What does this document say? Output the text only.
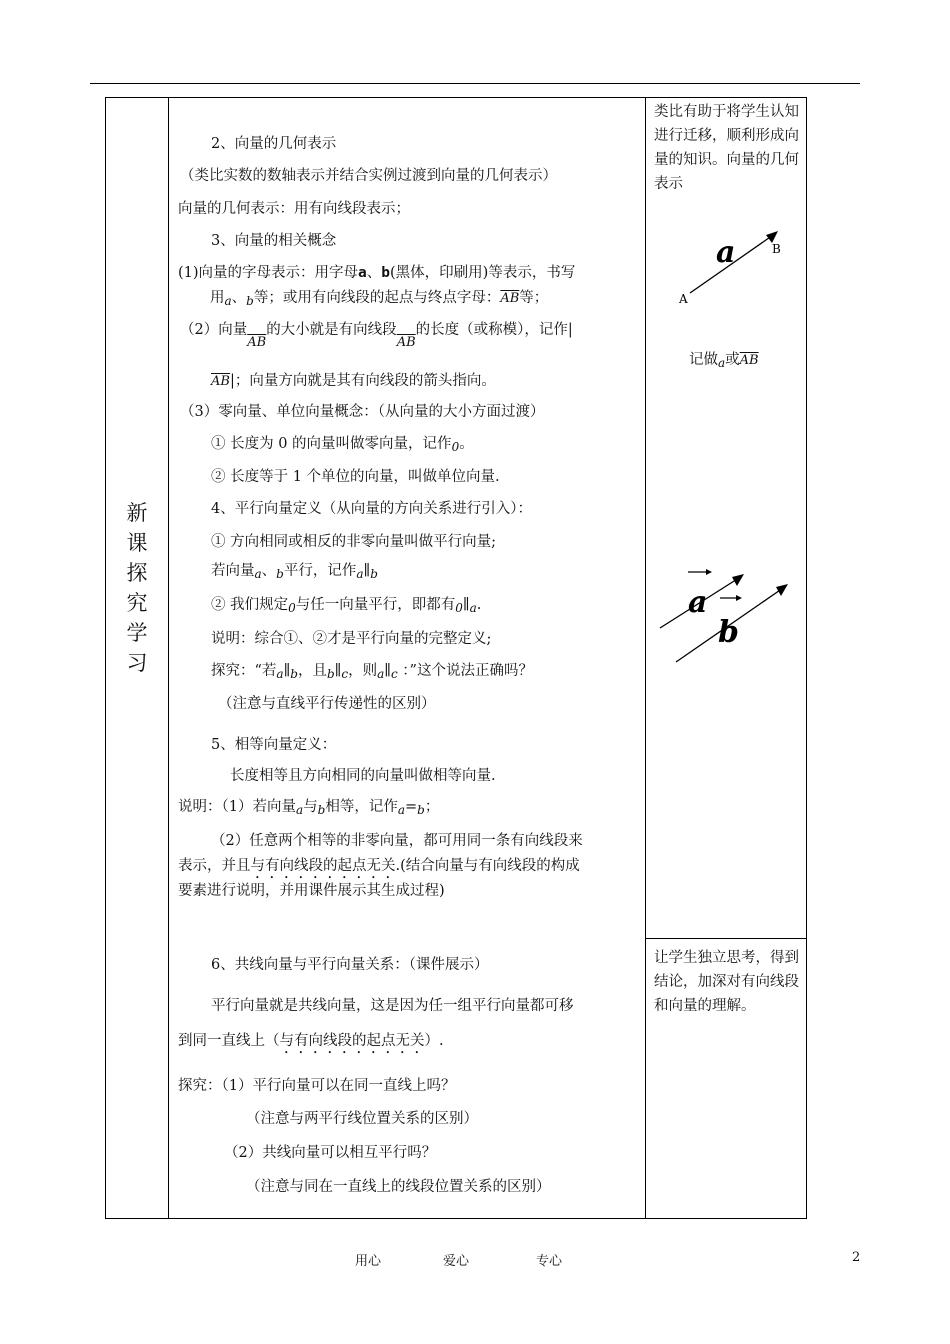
新
课
探
究
学
习
2、向量的几何表示
（类比实数的数轴表示并结合实例过渡到向量的几何表示）
向量的几何表示：用有向线段表示；
3、向量的相关概念
(1)向量的字母表示：用字母a、b(黑体，印刷用)等表示，书写
用$_a$、$_b$等；或用有向线段的起点与终点字母：$\overline{AB}$等；
（2）向量$\overline{AB}$的大小就是有向线段$\overline{AB}$的长度（或称模），记作|
$\overline{AB}|$；向量方向就是其有向线段的箭头指向。
（3）零向量、单位向量概念：（从向量的大小方面过渡）
① 长度为 0 的向量叫做零向量，记作$_0$。
② 长度等于 1 个单位的向量，叫做单位向量.
4、平行向量定义（从向量的方向关系进行引入）：
① 方向相同或相反的非零向量叫做平行向量;
若向量$_a$、$_b$平行，记作$_a\parallel_b$
② 我们规定$_0$与任一向量平行，即都有$_0\parallel_a$.
说明：综合①、②才是平行向量的完整定义;
探究：“若$_a\parallel_b$，且$_b\parallel_c$，则$_a\parallel_c$ ：”这个说法正确吗？
（注意与直线平行传递性的区别）
5、相等向量定义：
长度相等且方向相同的向量叫做相等向量.
说明：（1）若向量$_a$与$_b$相等，记作$_a=_b$；
（2）任意两个相等的非零向量，都可用同一条有向线段来
表示，并且与有向线段的起点无关.(结合向量与有向线段的构成
要素进行说明，并用课件展示其生成过程)
6、共线向量与平行向量关系：（课件展示）
平行向量就是共线向量，这是因为任一组平行向量都可移
到同一直线上（与有向线段的起点无关）.
探究：（1）平行向量可以在同一直线上吗？
（注意与两平行线位置关系的区别）
（2）共线向量可以相互平行吗？
（注意与同在一直线上的线段位置关系的区别）
类比有助于将学生认知进行迁移，顺利形成向量的知识。向量的几何表示
a
A
B
记做$_a$或$\overline{AB}$
a
b
让学生独立思考，得到结论，加深对有向线段和向量的理解。
用心	爱心	专心	2
